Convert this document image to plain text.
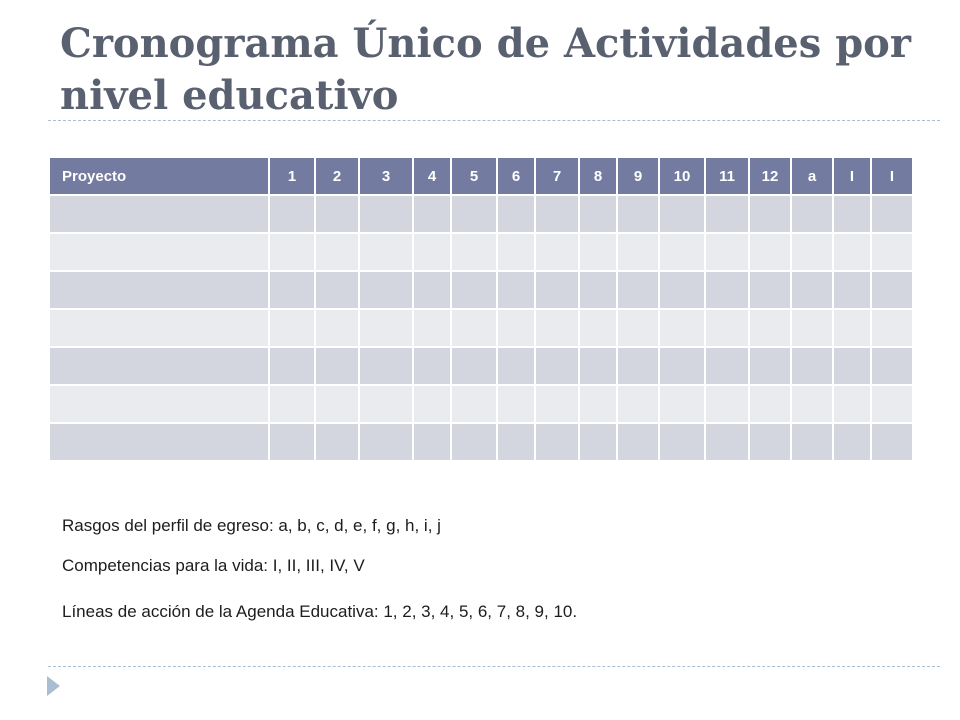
Cronograma Único de Actividades por nivel educativo
Proyecto	1	2	3	4	5	6	7	8	9	10	11	12	a	I	I

Rasgos del perfil de egreso: a, b, c, d, e, f, g, h, i, j

Competencias para la vida: I, II, III, IV, V

Líneas de acción de la Agenda Educativa: 1, 2, 3, 4, 5, 6, 7, 8, 9, 10.
